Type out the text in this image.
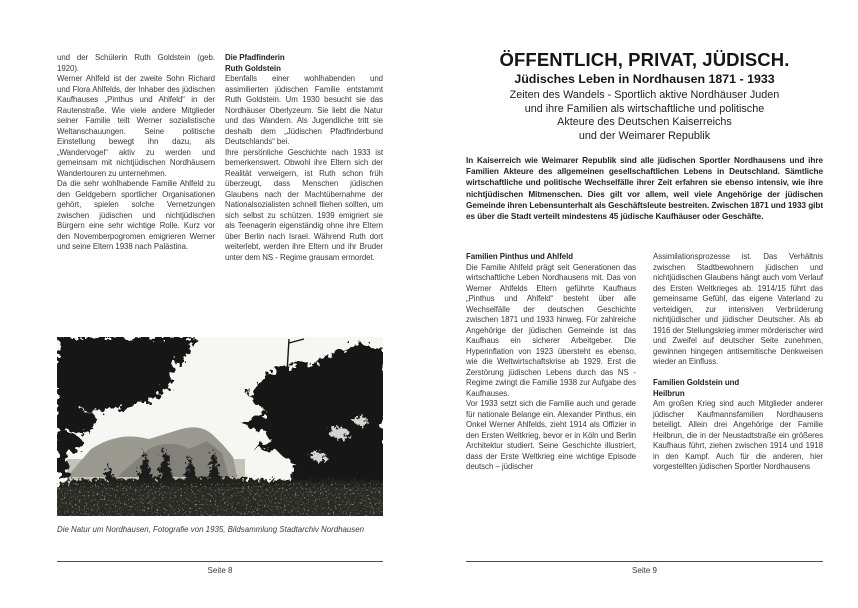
und der Schülerin Ruth Goldstein (geb. 1920).

Werner Ahlfeld ist der zweite Sohn Richard und Flora Ahlfelds, der Inhaber des jüdischen Kaufhauses „Pinthus und Ahlfeld“ in der Rautenstraße. Wie viele andere Mitglieder seiner Familie teilt Werner sozialistische Weltanschauungen. Seine politische Einstellung bewegt ihn dazu, als „Wandervogel“ aktiv zu werden und gemeinsam mit nichtjüdischen Nordhäusern Wandertouren zu unternehmen.

Da die sehr wohlhabende Familie Ahlfeld zu den Geldgebern sportlicher Organisationen gehört, spielen solche Vernetzungen zwischen jüdischen und nichtjüdischen Bürgern eine sehr wichtige Rolle. Kurz vor den Novemberpogromen emigrieren Werner und seine Eltern 1938 nach Palästina.

Die Pfadfinderin
Ruth Goldstein

Ebenfalls einer wohlhabenden und assimilierten jüdischen Familie entstammt Ruth Goldstein. Um 1930 besucht sie das Nordhäuser Oberlyzeum. Sie liebt die Natur und das Wandern. Als Jugendliche tritt sie deshalb dem „Jüdischen Pfadfinderbund Deutschlands“ bei.

Ihre persönliche Geschichte nach 1933 ist bemerkenswert. Obwohl ihre Eltern sich der Realität verweigern, ist Ruth schon früh überzeugt, dass Menschen jüdischen Glaubens nach der Machtübernahme der Nationalsozialisten schnell fliehen sollten, um sich selbst zu schützen. 1939 emigriert sie als Teenagerin eigenständig ohne ihre Eltern über Berlin nach Israel. Während Ruth dort weiterlebt, werden ihre Eltern und ihr Bruder unter dem NS - Regime grausam ermordet.

Die Natur um Nordhausen, Fotografie von 1935, Bildsammlung Stadtarchiv Nordhausen
Seite 8
ÖFFENTLICH, PRIVAT, JÜDISCH.
Jüdisches Leben in Nordhausen 1871 - 1933
Zeiten des Wandels - Sportlich aktive Nordhäuser Juden
und ihre Familien als wirtschaftliche und politische
Akteure des Deutschen Kaiserreichs
und der Weimarer Republik
In Kaiserreich wie Weimarer Republik sind alle jüdischen Sportler Nordhausens und ihre Familien Akteure des allgemeinen gesellschaftlichen Lebens in Deutschland. Sämtliche wirtschaftliche und politische Wechselfälle ihrer Zeit erfahren sie ebenso intensiv, wie ihre nichtjüdischen Mitmenschen. Dies gilt vor allem, weil viele Angehörige der jüdischen Gemeinde ihren Lebensunterhalt als Geschäftsleute bestreiten. Zwischen 1871 und 1933 gibt es über die Stadt verteilt mindestens 45 jüdische Kaufhäuser oder Geschäfte.
Familien Pinthus und Ahlfeld

Die Familie Ahlfeld prägt seit Generationen das wirtschaftliche Leben Nordhausens mit. Das von Werner Ahlfelds Eltern geführte Kaufhaus „Pinthus und Ahlfeld“ besteht über alle Wechselfälle der deutschen Geschichte zwischen 1871 und 1933 hinweg. Für zahlreiche Angehörige der jüdischen Gemeinde ist das Kaufhaus ein sicherer Arbeitgeber. Die Hyperinflation von 1923 übersteht es ebenso, wie die Weltwirtschaftskrise ab 1929. Erst die Zerstörung jüdischen Lebens durch das NS - Regime zwingt die Familie 1938 zur Aufgabe des Kaufhauses.

Vor 1933 setzt sich die Familie auch und gerade für nationale Belange ein. Alexander Pinthus, ein Onkel Werner Ahlfelds, zieht 1914 als Offizier in den Ersten Weltkrieg, bevor er in Köln und Berlin Architektur studiert. Seine Geschichte illustriert, dass der Erste Weltkrieg eine wichtige Episode deutsch – jüdischer

Assimilationsprozesse ist. Das Verhältnis zwischen Stadtbewohnern jüdischen und nichtjüdischen Glaubens hängt auch vom Verlauf des Ersten Weltkrieges ab. 1914/15 führt das gemeinsame Gefühl, das eigene Vaterland zu verteidigen, zur intensiven Verbrüderung nichtjüdischer und jüdischer Deutscher. Als ab 1916 der Stellungskrieg immer mörderischer wird und Zweifel auf deutscher Seite zunehmen, gewinnen hingegen antisemitische Denkweisen wieder an Einfluss.

Familien Goldstein und
Heilbrun

Am großen Krieg sind auch Mitglieder anderer jüdischer Kaufmannsfamilien Nordhausens beteiligt. Allein drei Angehörige der Familie Heilbrun, die in der Neustadtstraße ein größeres Kaufhaus führt, ziehen zwischen 1914 und 1918 in den Kampf. Auch für die anderen, hier vorgestellten jüdischen Sportler Nordhausens

Seite 9
